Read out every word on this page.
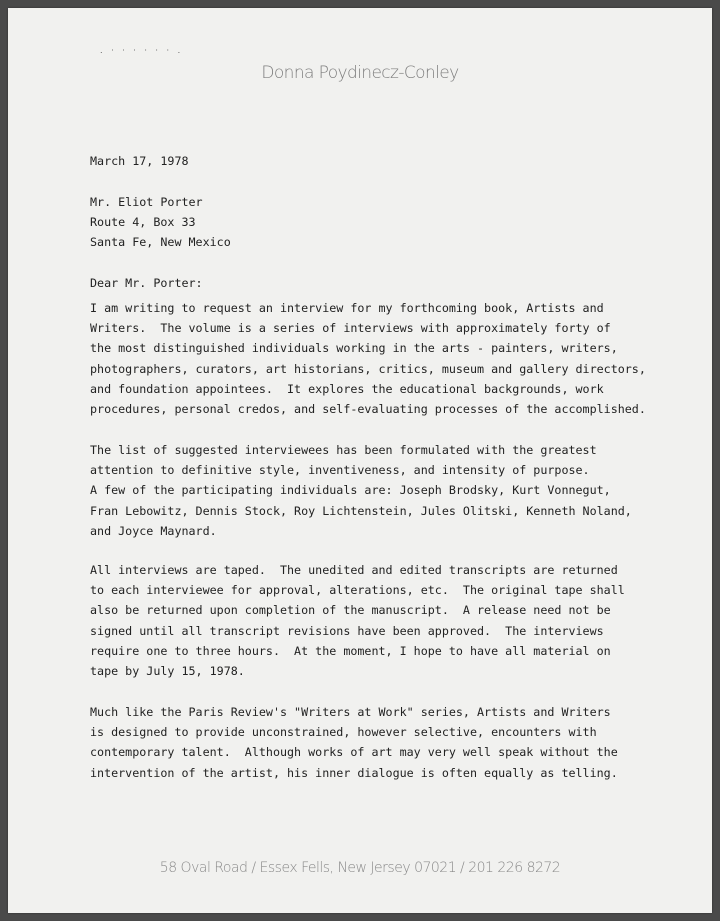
. · · · · · · .
Donna Poydinecz-Conley
March 17, 1978
Mr. Eliot Porter
Route 4, Box 33
Santa Fe, New Mexico
Dear Mr. Porter:
I am writing to request an interview for my forthcoming book, Artists and
Writers.  The volume is a series of interviews with approximately forty of
the most distinguished individuals working in the arts - painters, writers,
photographers, curators, art historians, critics, museum and gallery directors,
and foundation appointees.  It explores the educational backgrounds, work
procedures, personal credos, and self-evaluating processes of the accomplished.
The list of suggested interviewees has been formulated with the greatest
attention to definitive style, inventiveness, and intensity of purpose.
A few of the participating individuals are: Joseph Brodsky, Kurt Vonnegut,
Fran Lebowitz, Dennis Stock, Roy Lichtenstein, Jules Olitski, Kenneth Noland,
and Joyce Maynard.
All interviews are taped.  The unedited and edited transcripts are returned
to each interviewee for approval, alterations, etc.  The original tape shall
also be returned upon completion of the manuscript.  A release need not be
signed until all transcript revisions have been approved.  The interviews
require one to three hours.  At the moment, I hope to have all material on
tape by July 15, 1978.
Much like the Paris Review's "Writers at Work" series, Artists and Writers
is designed to provide unconstrained, however selective, encounters with
contemporary talent.  Although works of art may very well speak without the
intervention of the artist, his inner dialogue is often equally as telling.
58 Oval Road / Essex Fells, New Jersey 07021 / 201 226 8272
